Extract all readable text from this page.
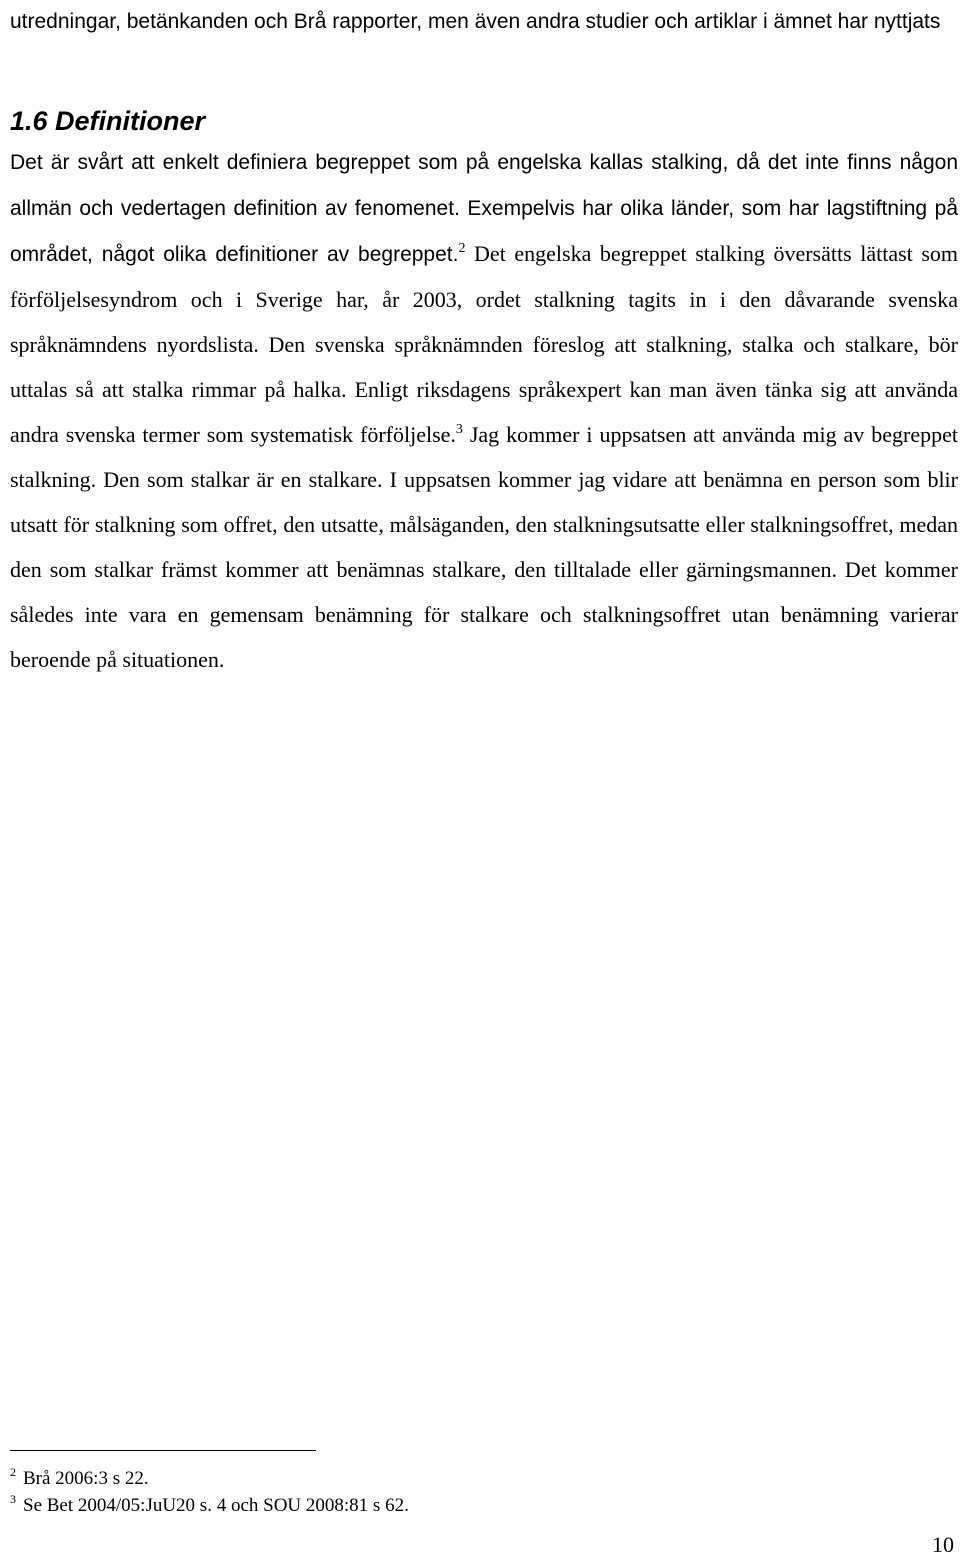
utredningar, betänkanden och Brå rapporter, men även andra studier och artiklar i ämnet har nyttjats

1.6 Definitioner

Det är svårt att enkelt definiera begreppet som på engelska kallas stalking, då det inte finns någon allmän och vedertagen definition av fenomenet. Exempelvis har olika länder, som har lagstiftning på området, något olika definitioner av begreppet.$^2$ Det engelska begreppet stalking översätts lättast som förföljelsesyndrom och i Sverige har, år 2003, ordet stalkning tagits in i den dåvarande svenska språknämndens nyordslista. Den svenska språknämnden föreslog att stalkning, stalka och stalkare, bör uttalas så att stalka rimmar på halka. Enligt riksdagens språkexpert kan man även tänka sig att använda andra svenska termer som systematisk förföljelse.$^3$ Jag kommer i uppsatsen att använda mig av begreppet stalkning. Den som stalkar är en stalkare. I uppsatsen kommer jag vidare att benämna en person som blir utsatt för stalkning som offret, den utsatte, målsäganden, den stalkningsutsatte eller stalkningsoffret, medan den som stalkar främst kommer att benämnas stalkare, den tilltalade eller gärningsmannen. Det kommer således inte vara en gemensam benämning för stalkare och stalkningsoffret utan benämning varierar beroende på situationen.

$^2$ Brå 2006:3 s 22.
$^3$ Se Bet 2004/05:JuU20 s. 4 och SOU 2008:81 s 62.
10
